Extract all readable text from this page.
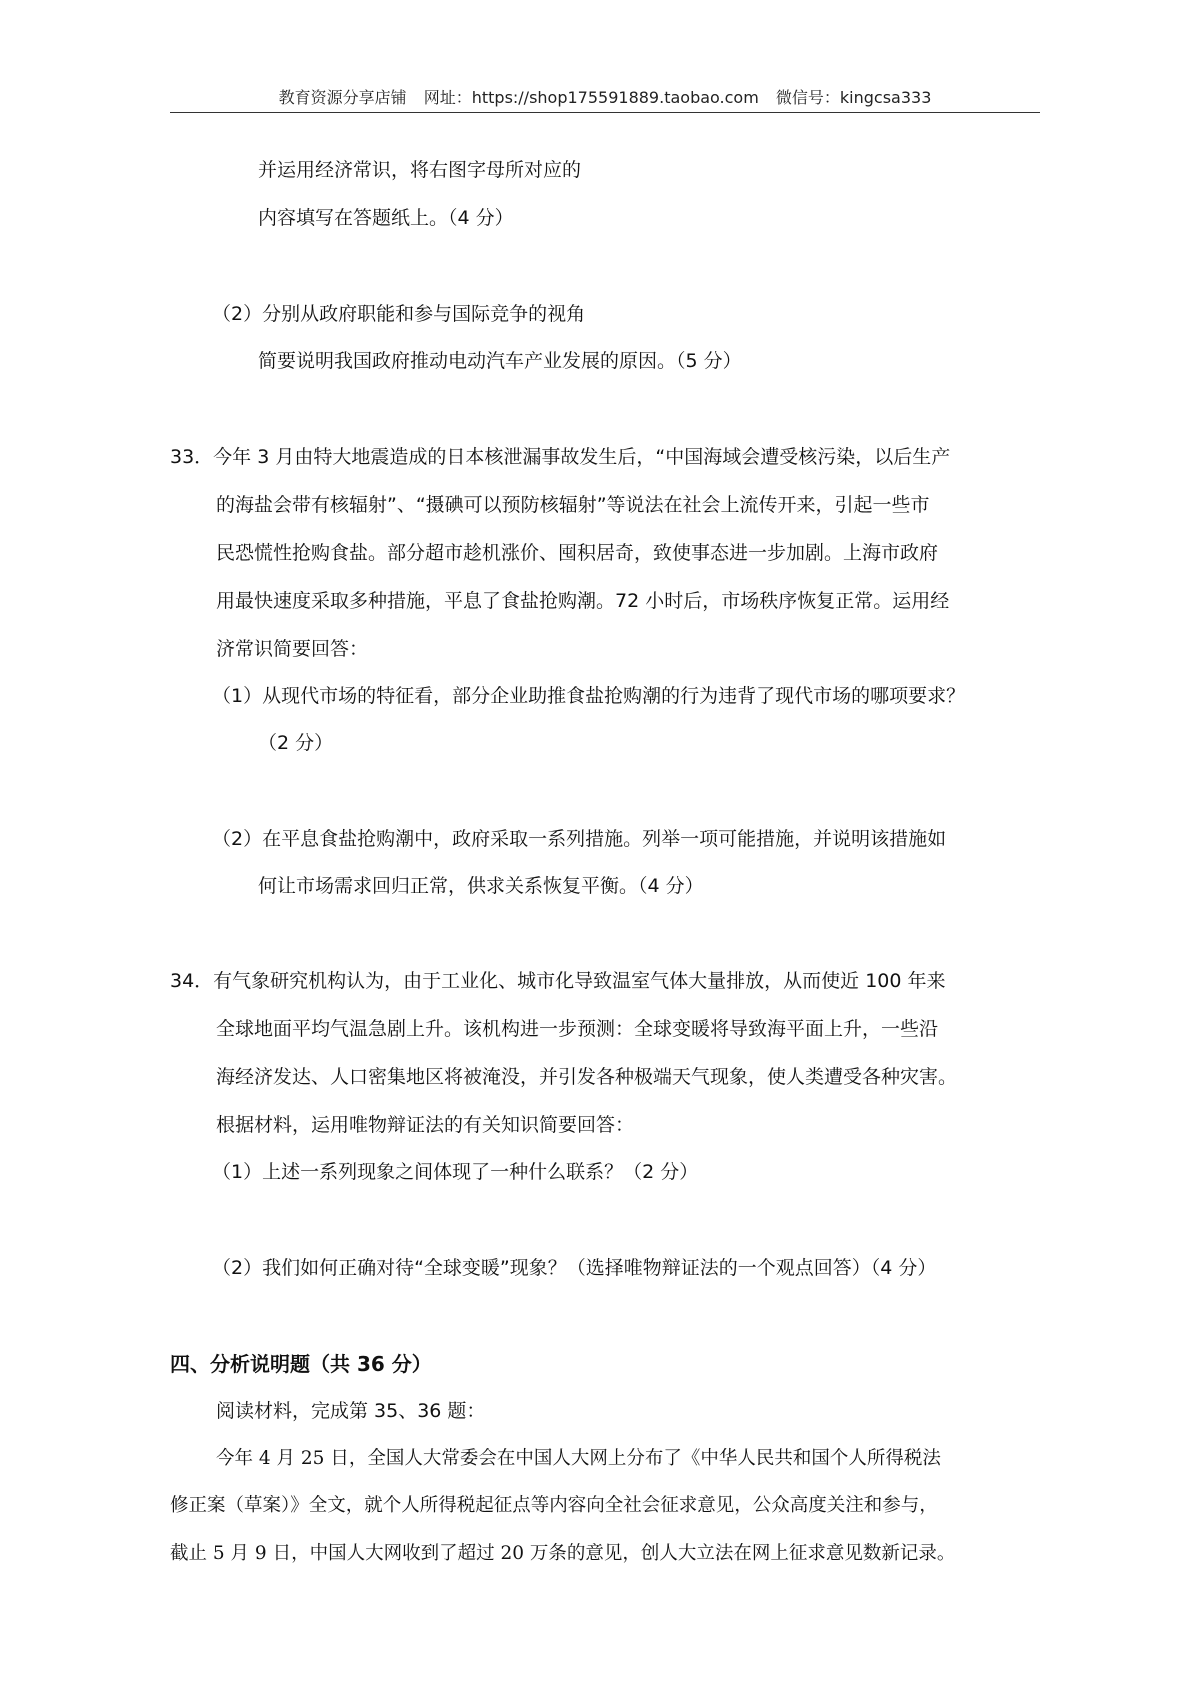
教育资源分享店铺 网址：https://shop175591889.taobao.com 微信号：kingcsa333
并运用经济常识，将右图字母所对应的
内容填写在答题纸上。（4 分）
（2）分别从政府职能和参与国际竞争的视角
简要说明我国政府推动电动汽车产业发展的原因。（5 分）
33．今年 3 月由特大地震造成的日本核泄漏事故发生后，“中国海域会遭受核污染，以后生产
的海盐会带有核辐射”、“摄碘可以预防核辐射”等说法在社会上流传开来，引起一些市
民恐慌性抢购食盐。部分超市趁机涨价、囤积居奇，致使事态进一步加剧。上海市政府
用最快速度采取多种措施，平息了食盐抢购潮。72 小时后，市场秩序恢复正常。运用经
济常识简要回答：
（1）从现代市场的特征看，部分企业助推食盐抢购潮的行为违背了现代市场的哪项要求？
（2 分）
（2）在平息食盐抢购潮中，政府采取一系列措施。列举一项可能措施，并说明该措施如
何让市场需求回归正常，供求关系恢复平衡。（4 分）
34．有气象研究机构认为，由于工业化、城市化导致温室气体大量排放，从而使近 100 年来
全球地面平均气温急剧上升。该机构进一步预测：全球变暖将导致海平面上升，一些沿
海经济发达、人口密集地区将被淹没，并引发各种极端天气现象，使人类遭受各种灾害。
根据材料，运用唯物辩证法的有关知识简要回答：
（1）上述一系列现象之间体现了一种什么联系？（2 分）
（2）我们如何正确对待“全球变暖”现象？（选择唯物辩证法的一个观点回答）（4 分）
四、分析说明题（共 36 分）
阅读材料，完成第 35、36 题：
今年 4 月 25 日，全国人大常委会在中国人大网上分布了《中华人民共和国个人所得税法
修正案（草案）》全文，就个人所得税起征点等内容向全社会征求意见，公众高度关注和参与，
截止 5 月 9 日，中国人大网收到了超过 20 万条的意见，创人大立法在网上征求意见数新记录。
